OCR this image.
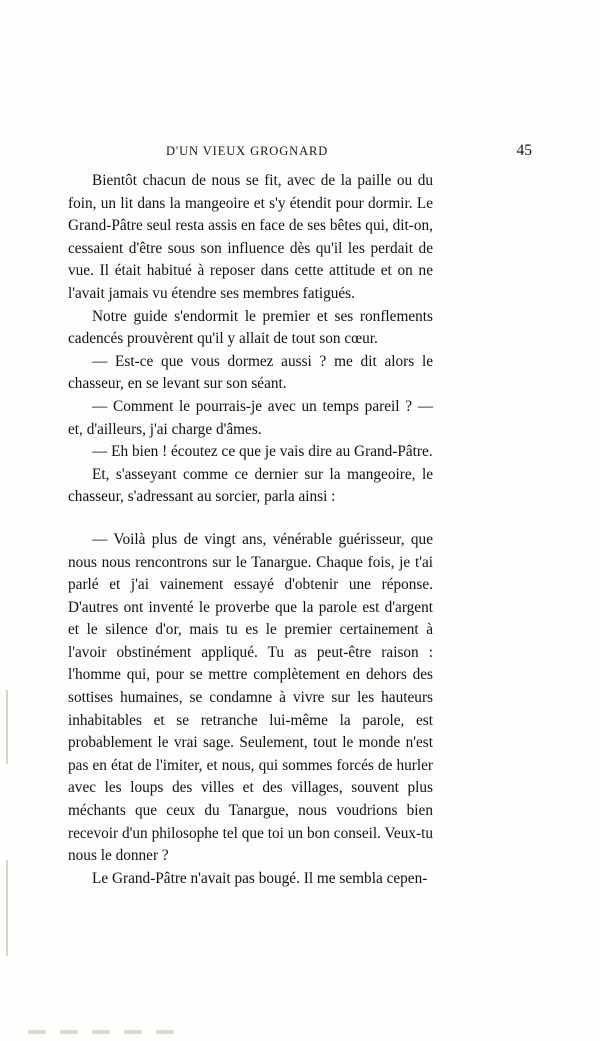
D'UN VIEUX GROGNARD	45

Bientôt chacun de nous se fit, avec de la paille ou du foin, un lit dans la mangeoire et s'y étendit pour dormir. Le Grand-Pâtre seul resta assis en face de ses bêtes qui, dit-on, cessaient d'être sous son influence dès qu'il les perdait de vue. Il était habitué à reposer dans cette attitude et on ne l'avait jamais vu étendre ses membres fatigués.

Notre guide s'endormit le premier et ses ronflements cadencés prouvèrent qu'il y allait de tout son cœur.

— Est-ce que vous dormez aussi ? me dit alors le chasseur, en se levant sur son séant.

— Comment le pourrais-je avec un temps pareil ? — et, d'ailleurs, j'ai charge d'âmes.

— Eh bien ! écoutez ce que je vais dire au Grand-Pâtre.

Et, s'asseyant comme ce dernier sur la mangeoire, le chasseur, s'adressant au sorcier, parla ainsi :

— Voilà plus de vingt ans, vénérable guérisseur, que nous nous rencontrons sur le Tanargue. Chaque fois, je t'ai parlé et j'ai vainement essayé d'obtenir une réponse. D'autres ont inventé le proverbe que la parole est d'argent et le silence d'or, mais tu es le premier certainement à l'avoir obstinément appliqué. Tu as peut-être raison : l'homme qui, pour se mettre complètement en dehors des sottises humaines, se condamne à vivre sur les hauteurs inhabitables et se retranche lui-même la parole, est probablement le vrai sage. Seulement, tout le monde n'est pas en état de l'imiter, et nous, qui sommes forcés de hurler avec les loups des villes et des villages, souvent plus méchants que ceux du Tanargue, nous voudrions bien recevoir d'un philosophe tel que toi un bon conseil. Veux-tu nous le donner ?

Le Grand-Pâtre n'avait pas bougé. Il me sembla cepen-
